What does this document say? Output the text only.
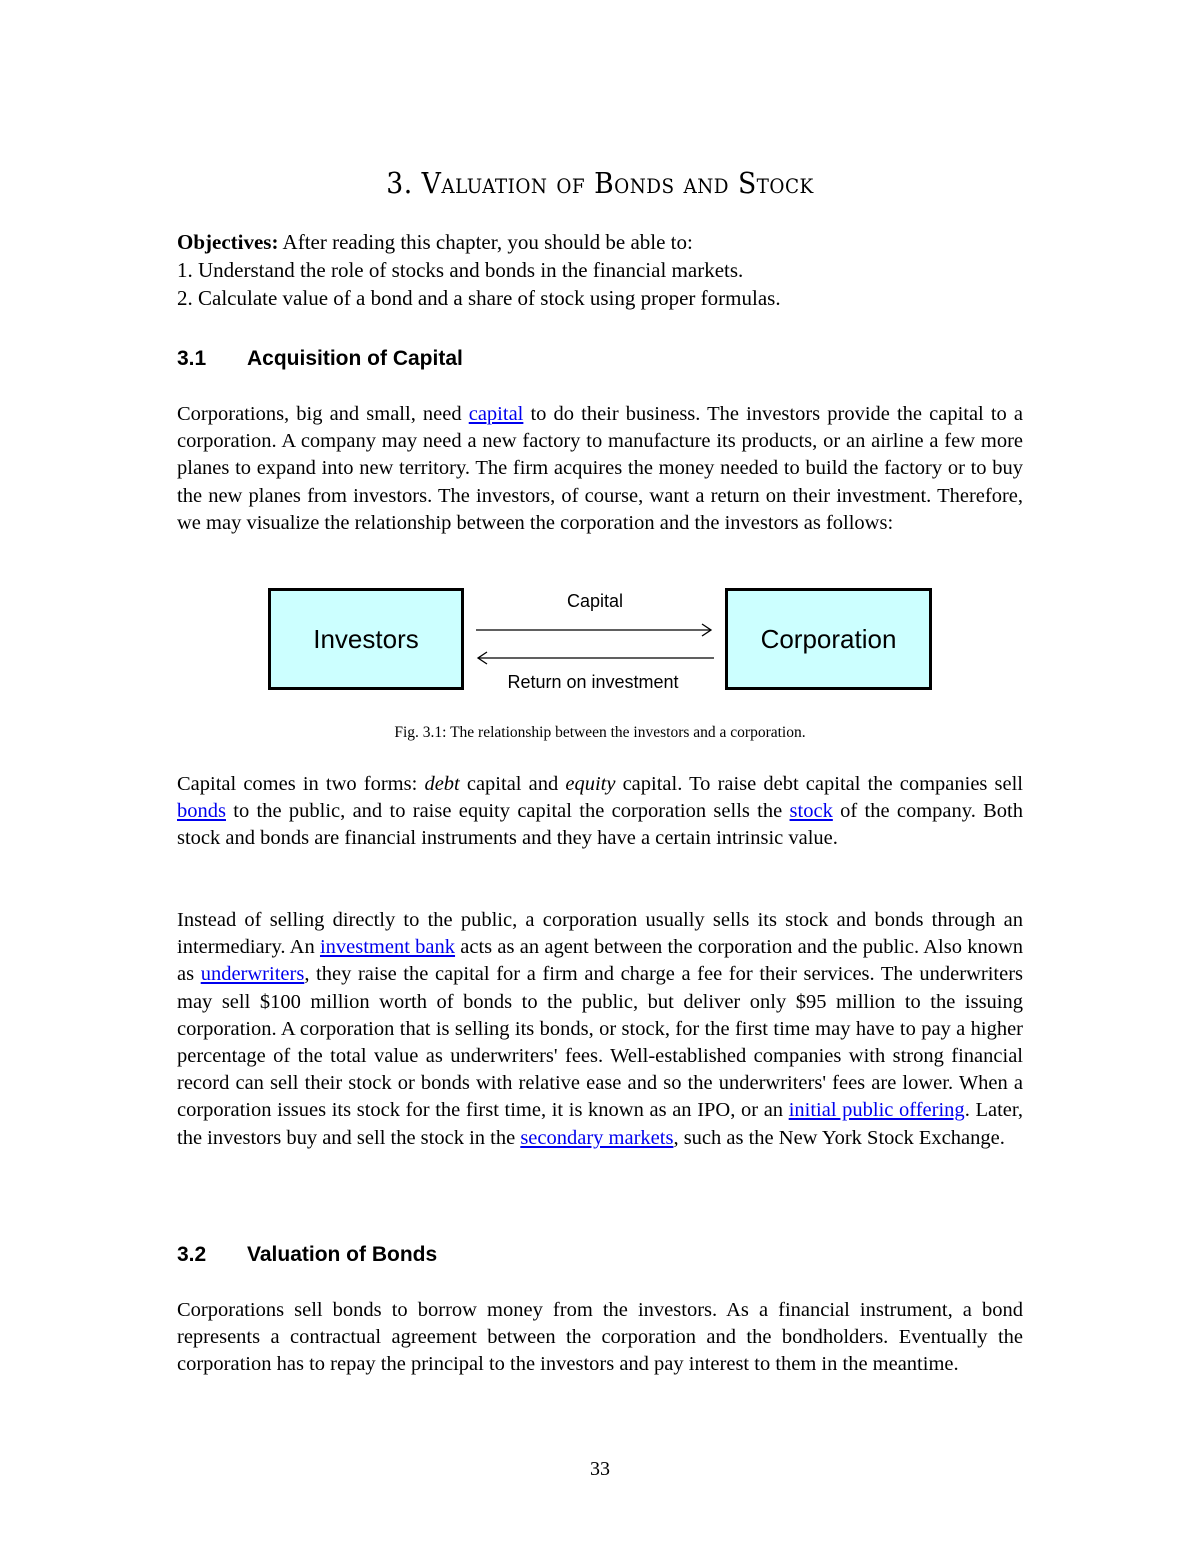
3. Valuation of Bonds and Stock

Objectives: After reading this chapter, you should be able to:

1. Understand the role of stocks and bonds in the financial markets.

2. Calculate value of a bond and a share of stock using proper formulas.

3.1 Acquisition of Capital

Corporations, big and small, need capital to do their business. The investors provide the capital to a corporation. A company may need a new factory to manufacture its products, or an airline a few more planes to expand into new territory. The firm acquires the money needed to build the factory or to buy the new planes from investors. The investors, of course, want a return on their investment. Therefore, we may visualize the relationship between the corporation and the investors as follows:

Investors	Corporation
Capital
Return on investment
Fig. 3.1: The relationship between the investors and a corporation.

Capital comes in two forms: debt capital and equity capital. To raise debt capital the companies sell bonds to the public, and to raise equity capital the corporation sells the stock of the company. Both stock and bonds are financial instruments and they have a certain intrinsic value.

Instead of selling directly to the public, a corporation usually sells its stock and bonds through an intermediary. An investment bank acts as an agent between the corporation and the public. Also known as underwriters, they raise the capital for a firm and charge a fee for their services. The underwriters may sell $100 million worth of bonds to the public, but deliver only $95 million to the issuing corporation. A corporation that is selling its bonds, or stock, for the first time may have to pay a higher percentage of the total value as underwriters' fees. Well-established companies with strong financial record can sell their stock or bonds with relative ease and so the underwriters' fees are lower. When a corporation issues its stock for the first time, it is known as an IPO, or an initial public offering. Later, the investors buy and sell the stock in the secondary markets, such as the New York Stock Exchange.

3.2 Valuation of Bonds

Corporations sell bonds to borrow money from the investors. As a financial instrument, a bond represents a contractual agreement between the corporation and the bondholders. Eventually the corporation has to repay the principal to the investors and pay interest to them in the meantime.

33
